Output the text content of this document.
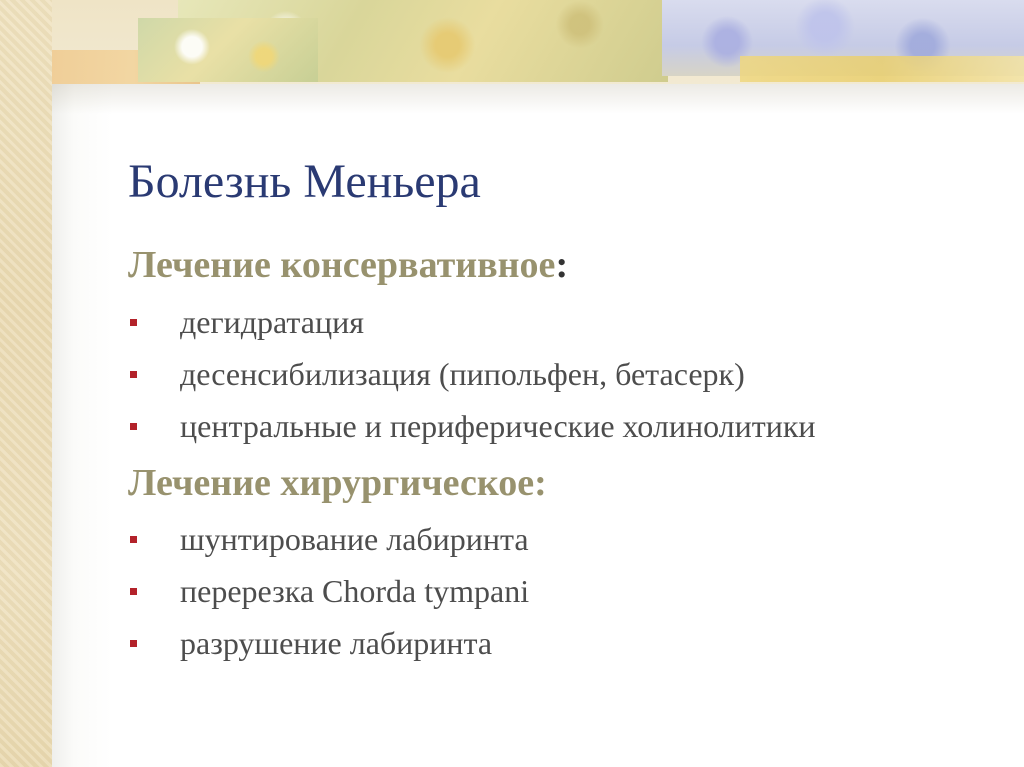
Болезнь Меньера
Лечение консервативное:
дегидратация
десенсибилизация (пипольфен, бетасерк)
центральные и периферические холинолитики
Лечение хирургическое:
шунтирование лабиринта
перерезка Chorda tympani
разрушение лабиринта
